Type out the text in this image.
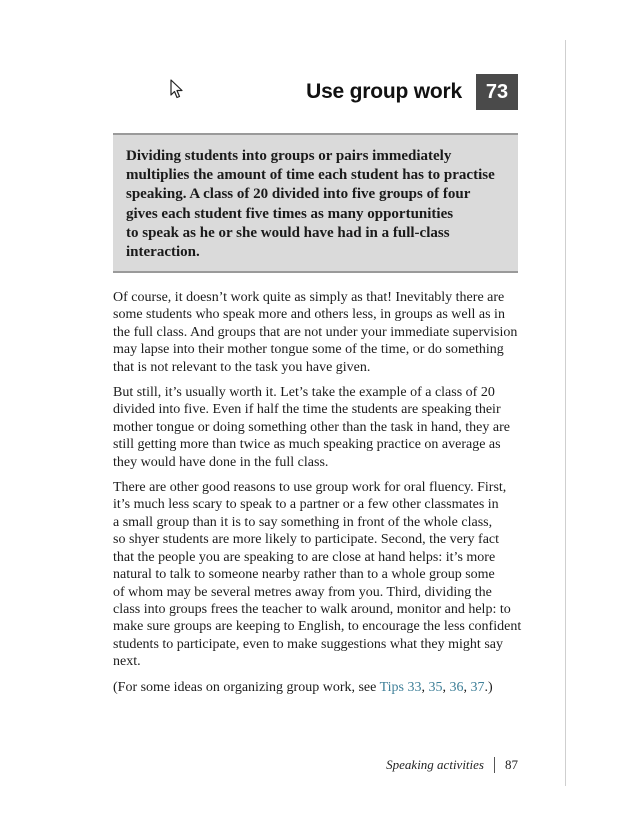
Use group work	73

Dividing students into groups or pairs immediately
multiplies the amount of time each student has to practise
speaking. A class of 20 divided into five groups of four
gives each student five times as many opportunities
to speak as he or she would have had in a full-class
interaction.

Of course, it doesn’t work quite as simply as that! Inevitably there are
some students who speak more and others less, in groups as well as in
the full class. And groups that are not under your immediate supervision
may lapse into their mother tongue some of the time, or do something
that is not relevant to the task you have given.

But still, it’s usually worth it. Let’s take the example of a class of 20
divided into five. Even if half the time the students are speaking their
mother tongue or doing something other than the task in hand, they are
still getting more than twice as much speaking practice on average as
they would have done in the full class.

There are other good reasons to use group work for oral fluency. First,
it’s much less scary to speak to a partner or a few other classmates in
a small group than it is to say something in front of the whole class,
so shyer students are more likely to participate. Second, the very fact
that the people you are speaking to are close at hand helps: it’s more
natural to talk to someone nearby rather than to a whole group some
of whom may be several metres away from you. Third, dividing the
class into groups frees the teacher to walk around, monitor and help: to
make sure groups are keeping to English, to encourage the less confident
students to participate, even to make suggestions what they might say
next.

(For some ideas on organizing group work, see Tips 33, 35, 36, 37.)

Speaking activities 87
